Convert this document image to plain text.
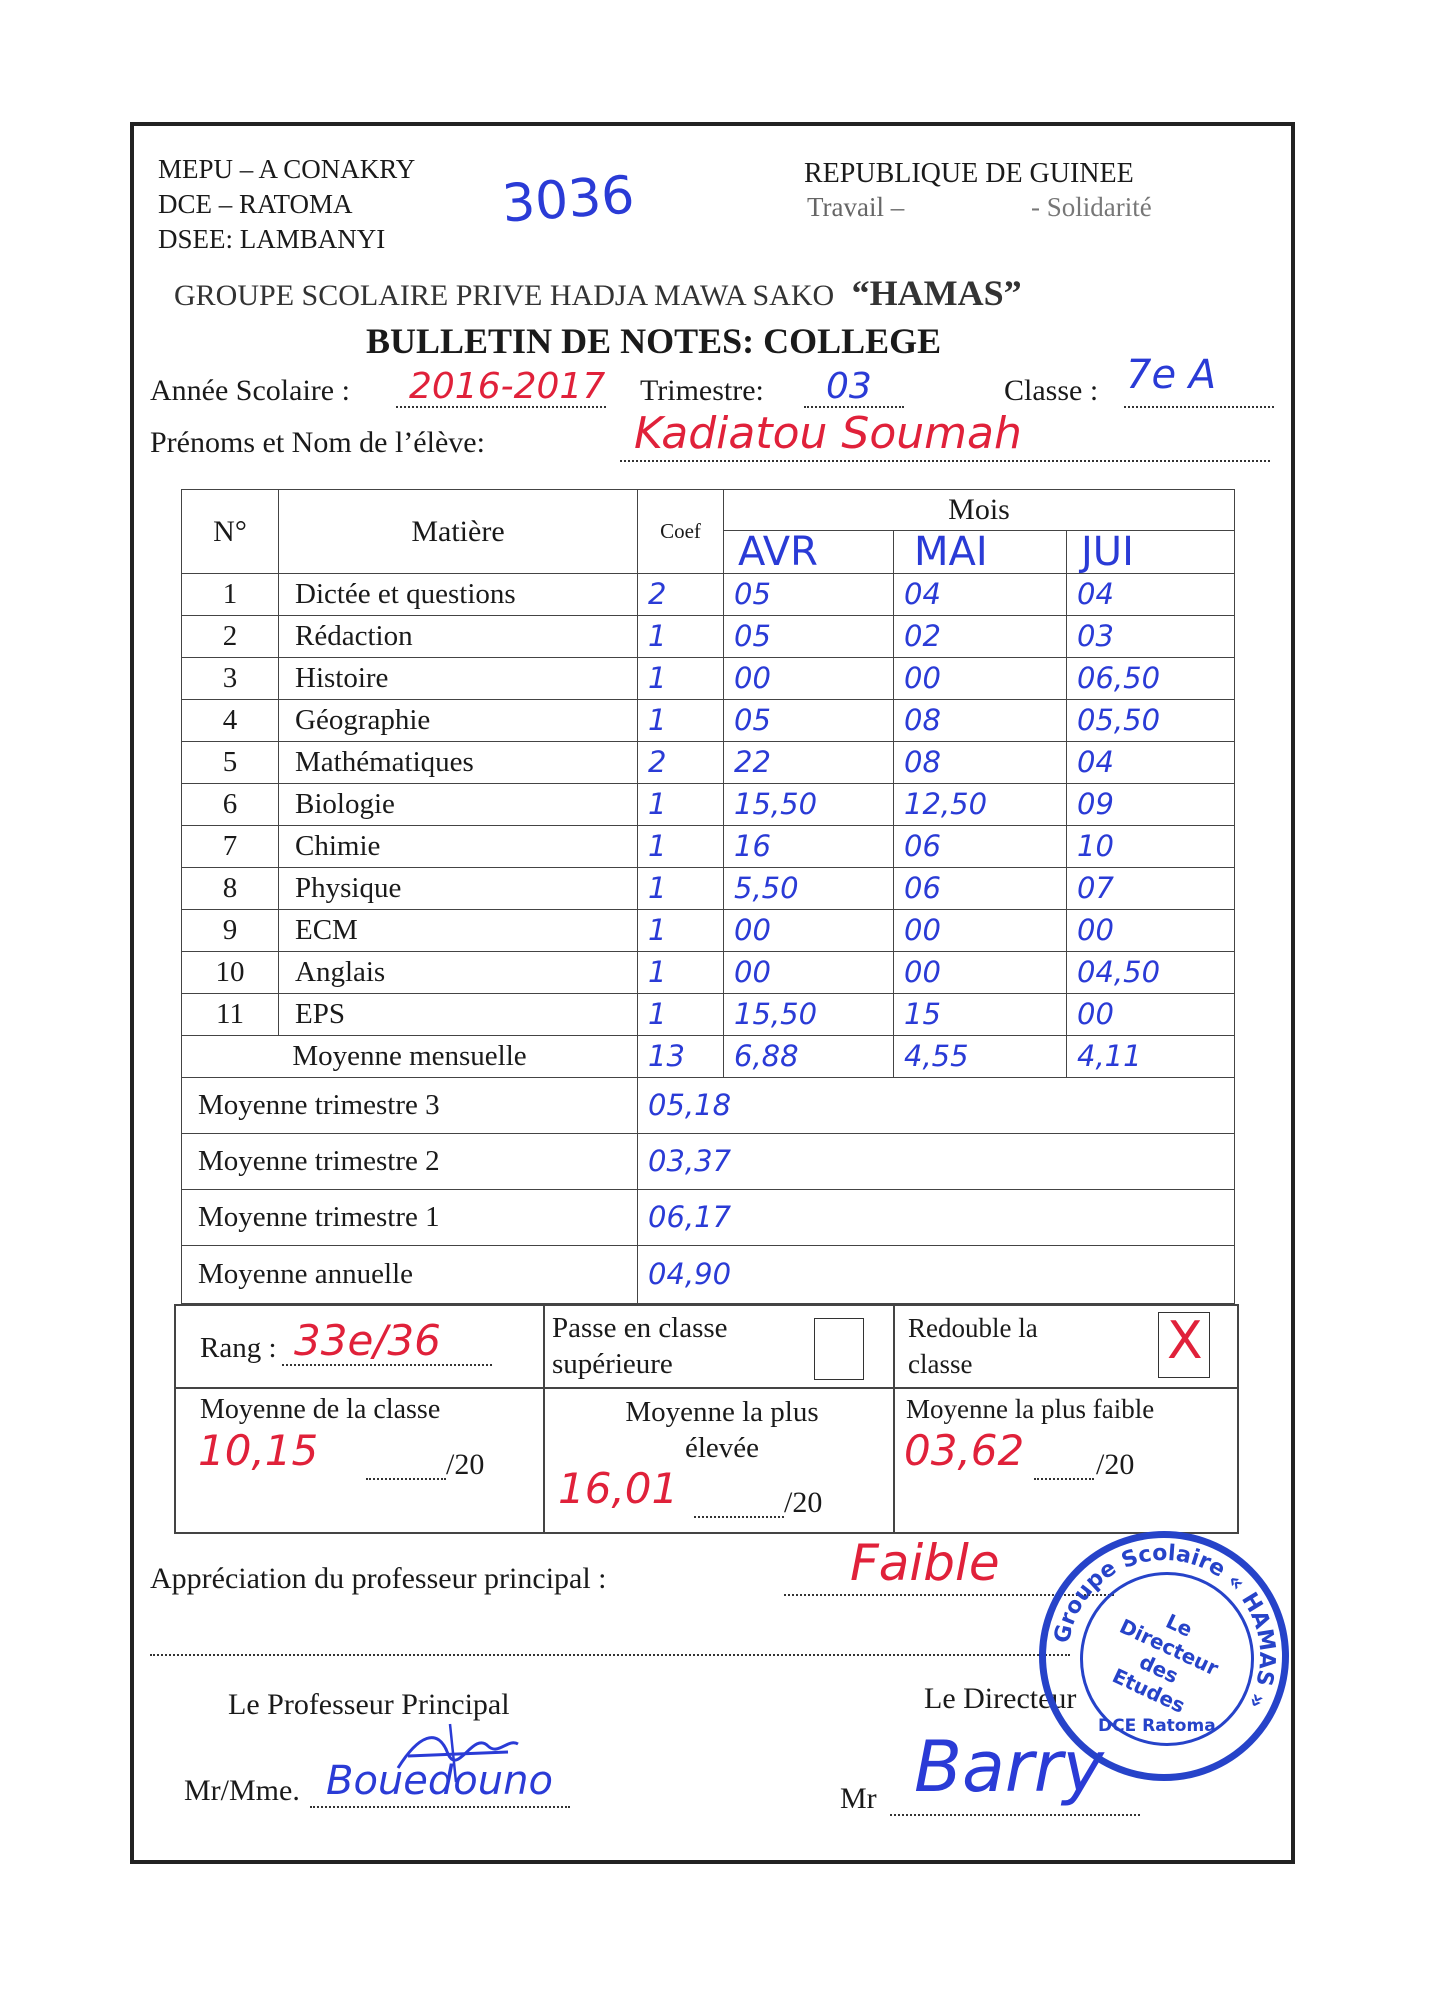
MEPU – A CONAKRY
DCE – RATOMA
DSEE: LAMBANYI
3036	REPUBLIQUE DE GUINEE
Travail –	- Solidarité
GROUPE SCOLAIRE PRIVE HADJA MAWA SAKO “HAMAS”
BULLETIN DE NOTES: COLLEGE
Année Scolaire : 2016-2017 Trimestre: 03	Classe : 7e A
Prénoms et Nom de l’élève:	Kadiatou Soumah
N°	Matière	Coef	Mois		
			AVR	MAI	JUI
1	Dictée et questions	2	05	04	04
2	Rédaction	1	05	02	03
3	Histoire	1	00	00	06,50
4	Géographie	1	05	08	05,50
5	Mathématiques	2	22	08	04
6	Biologie	1	15,50	12,50	09
7	Chimie	1	16	06	10
8	Physique	1	5,50	06	07
9	ECM	1	00	00	00
10	Anglais	1	00	00	04,50
11	EPS	1	15,50	15	00
Moyenne mensuelle		13	6,88	4,55	4,11
Moyenne trimestre 3		05,18			
Moyenne trimestre 2		03,37			
Moyenne trimestre 1		06,17			
Moyenne annuelle		04,90			
Rang : 33e/36	Passe en classe
supérieure
Redouble la
classe	X
Moyenne de la classe
10,15	/20
Moyenne la plus
élevée
16,01	/20
Moyenne la plus faible
03,62 /20
Appréciation du professeur principal :	Faible
Le Professeur Principal	Le Directeur
Mr/Mme. Bouedouno	Mr Barry
Groupe Scolaire « HAMAS »
Le Directeur des Etudes
DCE Ratoma
